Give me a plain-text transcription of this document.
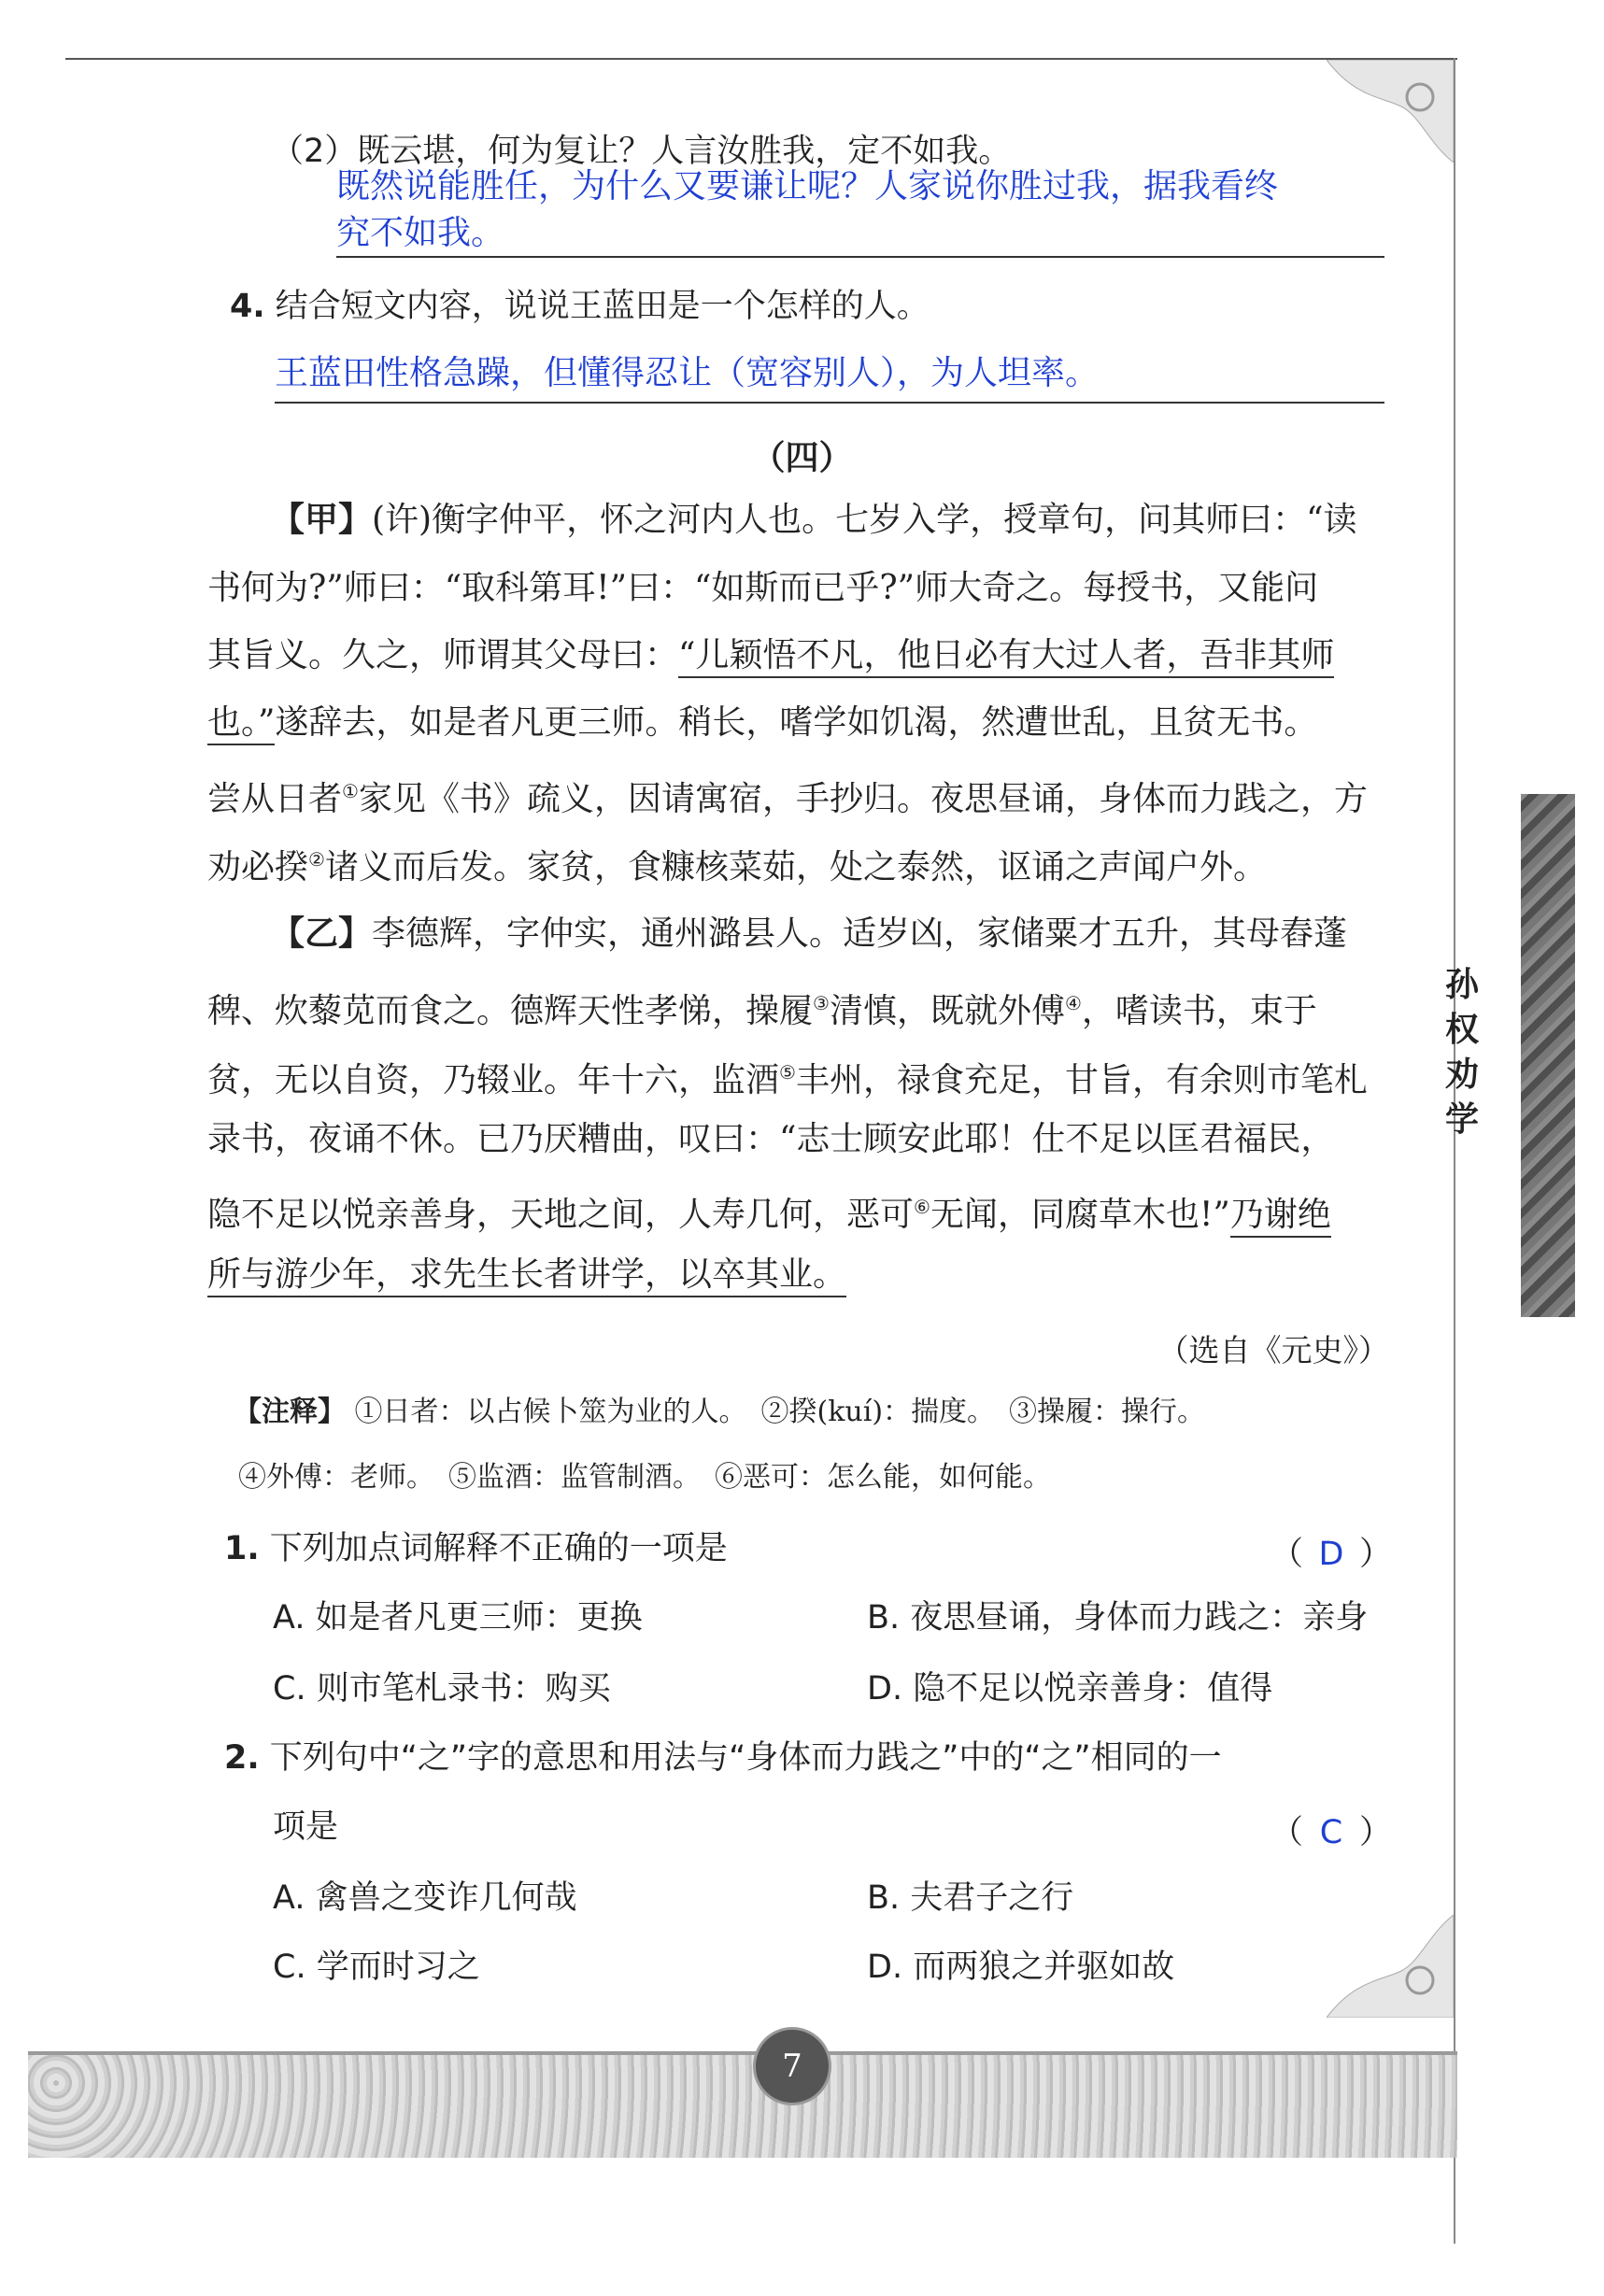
孙权劝学
（2）既云堪，何为复让？人言汝胜我，定不如我。
既然说能胜任，为什么又要谦让呢？人家说你胜过我，据我看终
究不如我。
4. 结合短文内容，说说王蓝田是一个怎样的人。
王蓝田性格急躁，但懂得忍让（宽容别人），为人坦率。
（四）
【甲】(许)衡字仲平，怀之河内人也。七岁入学，授章句，问其师曰：“读
书何为?”师曰：“取科第耳!”曰：“如斯而已乎?”师大奇之。每授书，又能问
其旨义。久之，师谓其父母曰：“儿颖悟不凡，他日必有大过人者，吾非其师
也。”遂辞去，如是者凡更三师。稍长，嗜学如饥渴，然遭世乱，且贫无书。
尝从日者①家见《书》疏义，因请寓宿，手抄归。夜思昼诵，身体而力践之，方
劝必揆②诸义而后发。家贫，食糠核菜茹，处之泰然，讴诵之声闻户外。
【乙】李德辉，字仲实，通州潞县人。适岁凶，家储粟才五升，其母舂蓬
稗、炊藜苋而食之。德辉天性孝悌，操履③清慎，既就外傅④，嗜读书，束于
贫，无以自资，乃辍业。年十六，监酒⑤丰州，禄食充足，甘旨，有余则市笔札
录书，夜诵不休。已乃厌糟曲，叹曰：“志士顾安此耶！仕不足以匡君福民，
隐不足以悦亲善身，天地之间，人寿几何，恶可⑥无闻，同腐草木也!”乃谢绝
所与游少年，求先生长者讲学，以卒其业。
（选自《元史》）
【注释】 ①日者：以占候卜筮为业的人。　②揆(kuí)：揣度。　③操履：操行。
④外傅：老师。　⑤监酒：监管制酒。　⑥恶可：怎么能，如何能。
1. 下列加点词解释不正确的一项是	（ D ）
A. 如是者凡更三师：更换	B. 夜思昼诵，身体而力践之：亲身
C. 则市笔札录书：购买	D. 隐不足以悦亲善身：值得
2. 下列句中“之”字的意思和用法与“身体而力践之”中的“之”相同的一
项是	（ C ）
A. 禽兽之变诈几何哉	B. 夫君子之行
C. 学而时习之	D. 而两狼之并驱如故
7
